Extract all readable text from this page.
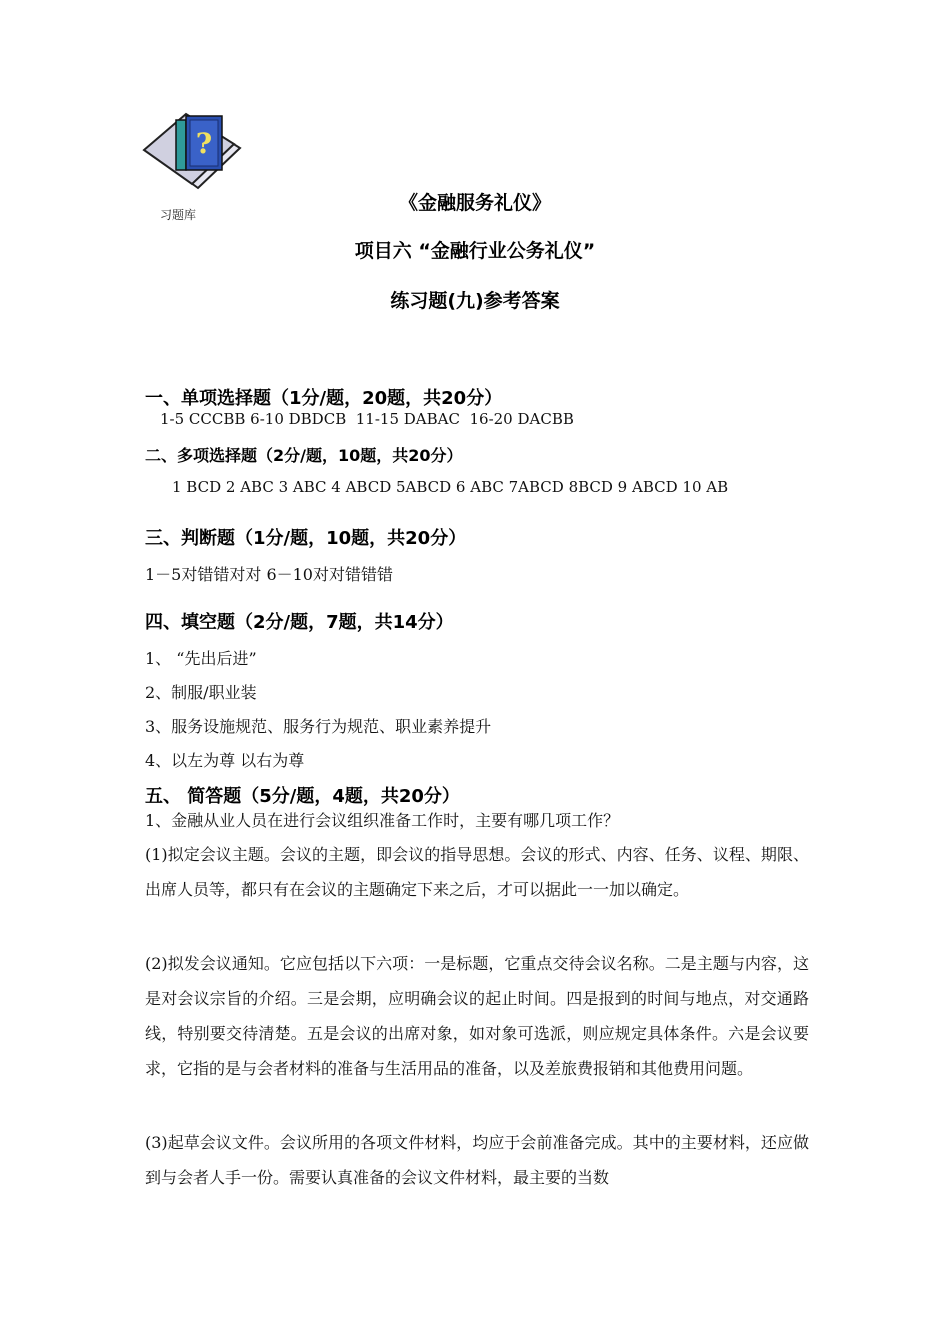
?
习题库
《金融服务礼仪》
项目六 “金融行业公务礼仪”
练习题(九)参考答案
一、单项选择题（1分/题，20题，共20分）
1-5 CCCBB 6-10 DBDCB  11-15 DABAC  16-20 DACBB
二、多项选择题（2分/题，10题，共20分）
1 BCD 2 ABC 3 ABC 4 ABCD 5ABCD 6 ABC 7ABCD 8BCD 9 ABCD 10 AB
三、判断题（1分/题，10题，共20分）
1－5对错错对对 6－10对对错错错
四、填空题（2分/题，7题，共14分）
1、 “先出后进”
2、制服/职业装
3、服务设施规范、服务行为规范、职业素养提升
4、以左为尊 以右为尊
五、 简答题（5分/题，4题，共20分）
1、金融从业人员在进行会议组织准备工作时，主要有哪几项工作？
(1)拟定会议主题。会议的主题，即会议的指导思想。会议的形式、内容、任务、议程、期限、出席人员等，都只有在会议的主题确定下来之后，才可以据此一一加以确定。
(2)拟发会议通知。它应包括以下六项：一是标题，它重点交待会议名称。二是主题与内容，这是对会议宗旨的介绍。三是会期，应明确会议的起止时间。四是报到的时间与地点，对交通路线，特别要交待清楚。五是会议的出席对象，如对象可选派，则应规定具体条件。六是会议要求，它指的是与会者材料的准备与生活用品的准备，以及差旅费报销和其他费用问题。
(3)起草会议文件。会议所用的各项文件材料，均应于会前准备完成。其中的主要材料，还应做到与会者人手一份。需要认真准备的会议文件材料，最主要的当数
